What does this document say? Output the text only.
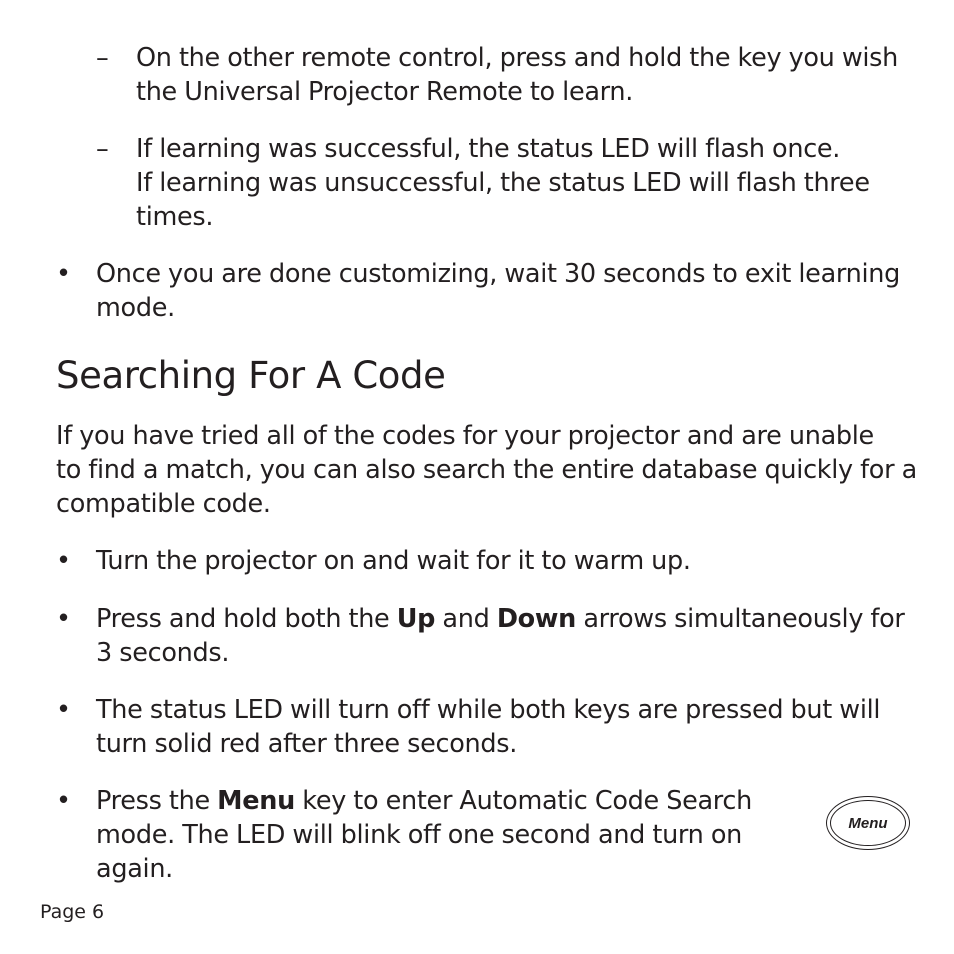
– On the other remote control, press and hold the key you wish
the Universal Projector Remote to learn.
– If learning was successful, the status LED will flash once.
If learning was unsuccessful, the status LED will flash three
times.
• Once you are done customizing, wait 30 seconds to exit learning
mode.
Searching For A Code
If you have tried all of the codes for your projector and are unable
to find a match, you can also search the entire database quickly for a
compatible code.
• Turn the projector on and wait for it to warm up.
• Press and hold both the Up and Down arrows simultaneously for
3 seconds.
• The status LED will turn off while both keys are pressed but will
turn solid red after three seconds.
• Press the Menu key to enter Automatic Code Search
mode. The LED will blink off one second and turn on
again.
Menu
Page 6
